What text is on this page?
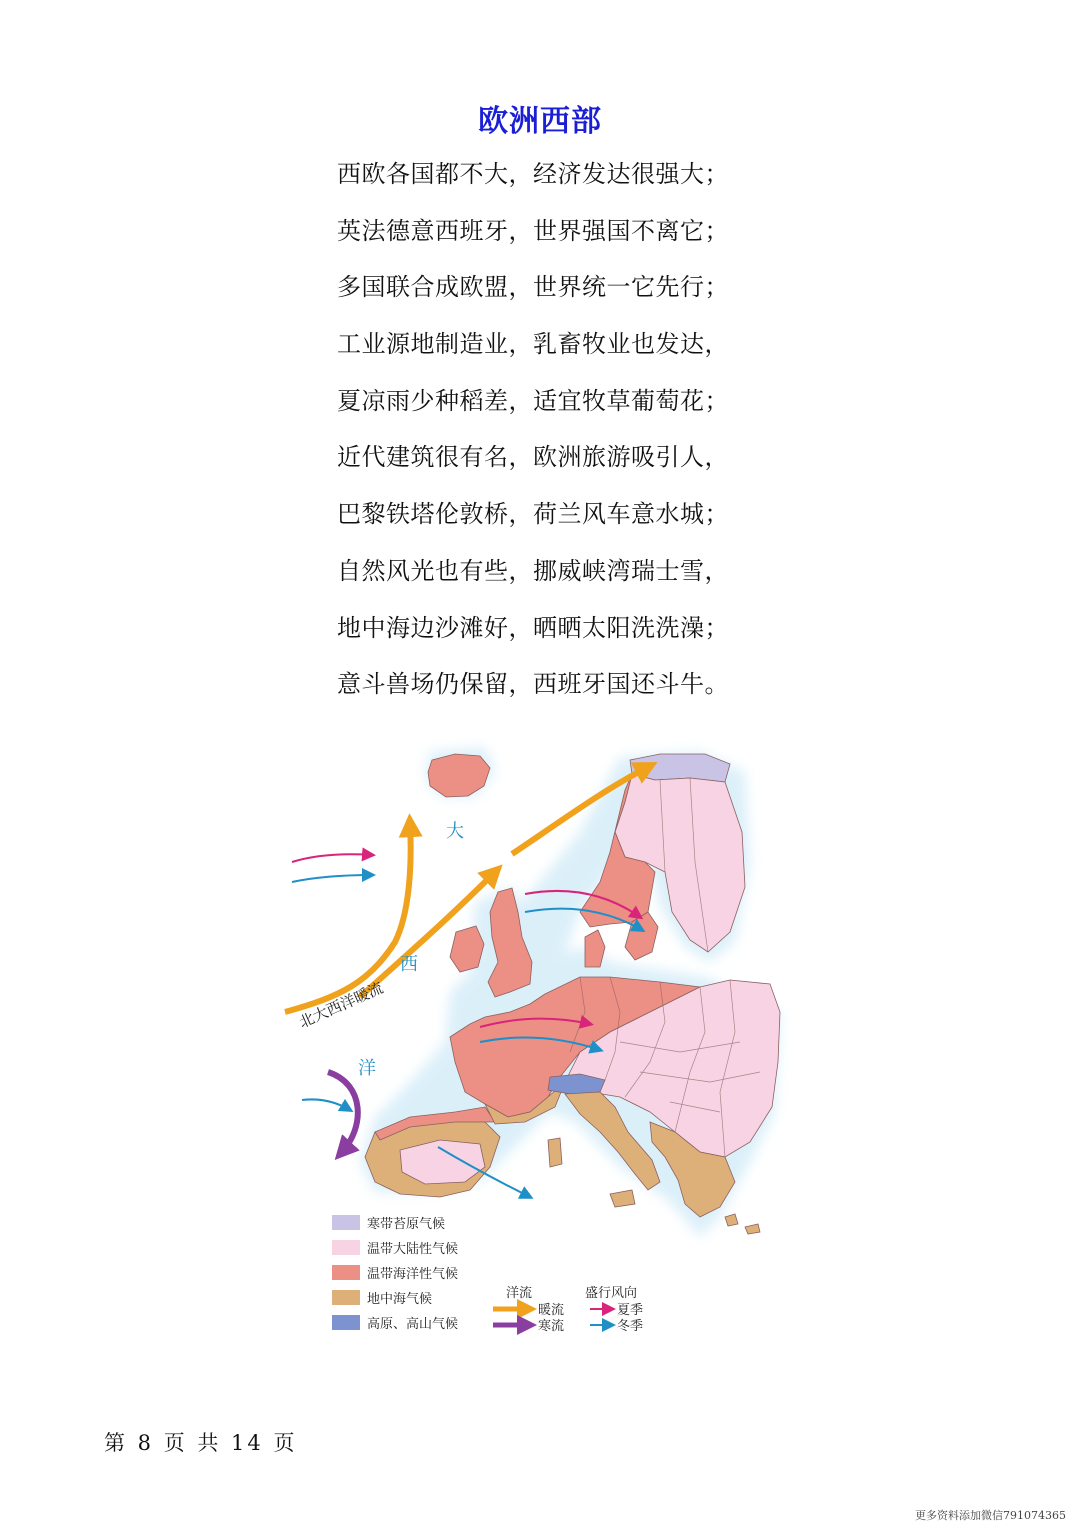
欧洲西部
西欧各国都不大，经济发达很强大；
英法德意西班牙，世界强国不离它；
多国联合成欧盟，世界统一它先行；
工业源地制造业，乳畜牧业也发达，
夏凉雨少种稻差，适宜牧草葡萄花；
近代建筑很有名，欧洲旅游吸引人，
巴黎铁塔伦敦桥，荷兰风车意水城；
自然风光也有些，挪威峡湾瑞士雪，
地中海边沙滩好，晒晒太阳洗洗澡；
意斗兽场仍保留，西班牙国还斗牛。
大
西
洋
北大西洋暖流
寒带苔原气候
温带大陆性气候
温带海洋性气候
地中海气候
高原、高山气候
洋流
暖流
寒流
盛行风向
夏季
冬季
第 8 页 共 14 页
更多资料添加微信791074365
